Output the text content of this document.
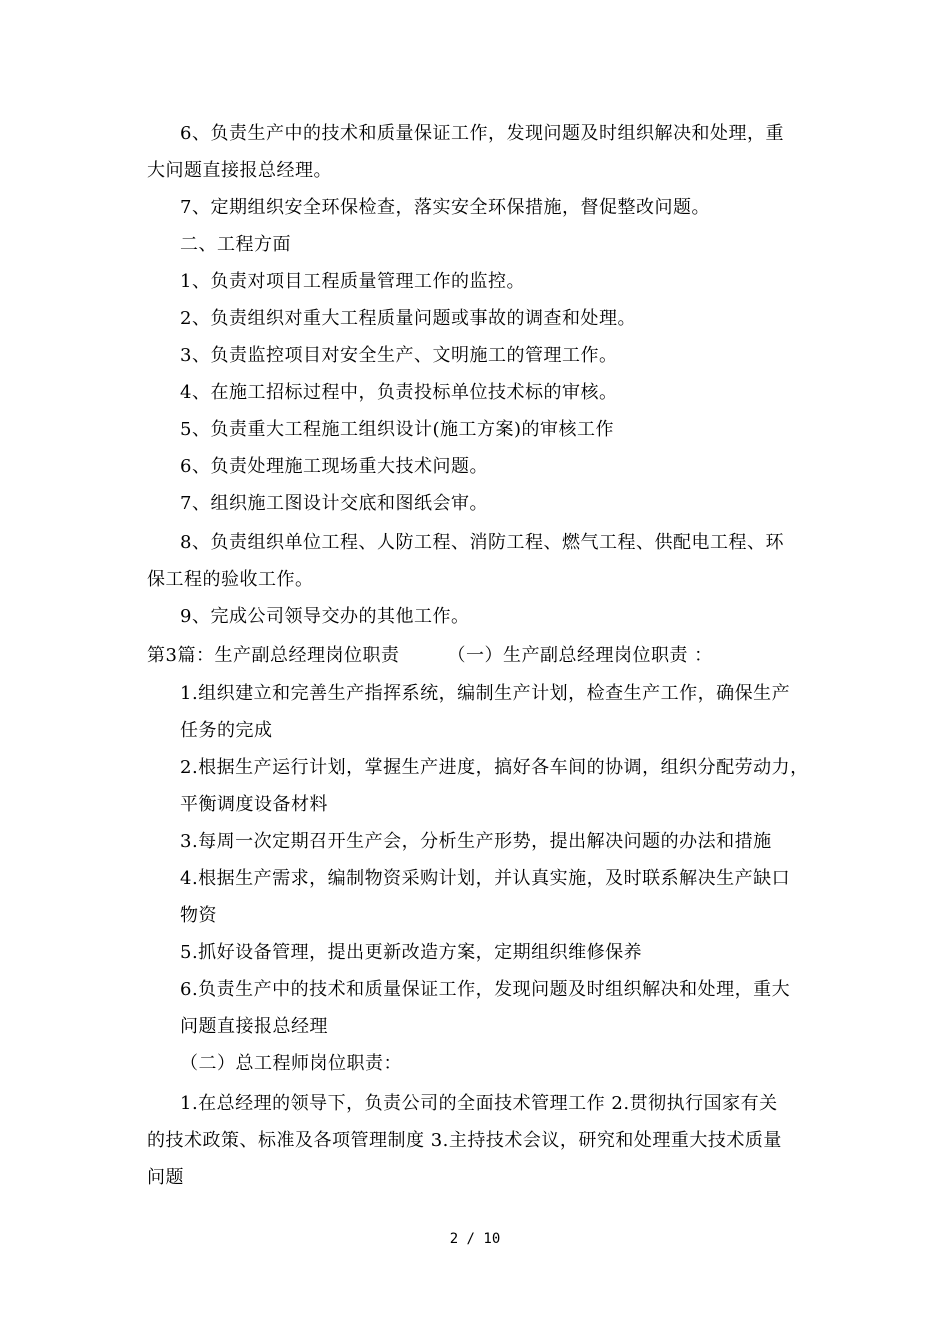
6、负责生产中的技术和质量保证工作，发现问题及时组织解决和处理，重
大问题直接报总经理。
7、定期组织安全环保检查，落实安全环保措施，督促整改问题。
二、工程方面
1、负责对项目工程质量管理工作的监控。
2、负责组织对重大工程质量问题或事故的调查和处理。
3、负责监控项目对安全生产、文明施工的管理工作。
4、在施工招标过程中，负责投标单位技术标的审核。
5、负责重大工程施工组织设计(施工方案)的审核工作
6、负责处理施工现场重大技术问题。
7、组织施工图设计交底和图纸会审。
8、负责组织单位工程、人防工程、消防工程、燃气工程、供配电工程、环
保工程的验收工作。
9、完成公司领导交办的其他工作。
第3篇：生产副总经理岗位职责	（一）生产副总经理岗位职责 ：
1.组织建立和完善生产指挥系统，编制生产计划，检查生产工作，确保生产
任务的完成
2.根据生产运行计划，掌握生产进度，搞好各车间的协调，组织分配劳动力，
平衡调度设备材料
3.每周一次定期召开生产会，分析生产形势，提出解决问题的办法和措施
4.根据生产需求，编制物资采购计划，并认真实施，及时联系解决生产缺口
物资
5.抓好设备管理，提出更新改造方案，定期组织维修保养
6.负责生产中的技术和质量保证工作，发现问题及时组织解决和处理，重大
问题直接报总经理
（二）总工程师岗位职责：
1.在总经理的领导下，负责公司的全面技术管理工作 2.贯彻执行国家有关
的技术政策、标准及各项管理制度 3.主持技术会议，研究和处理重大技术质量
问题
2 / 10
